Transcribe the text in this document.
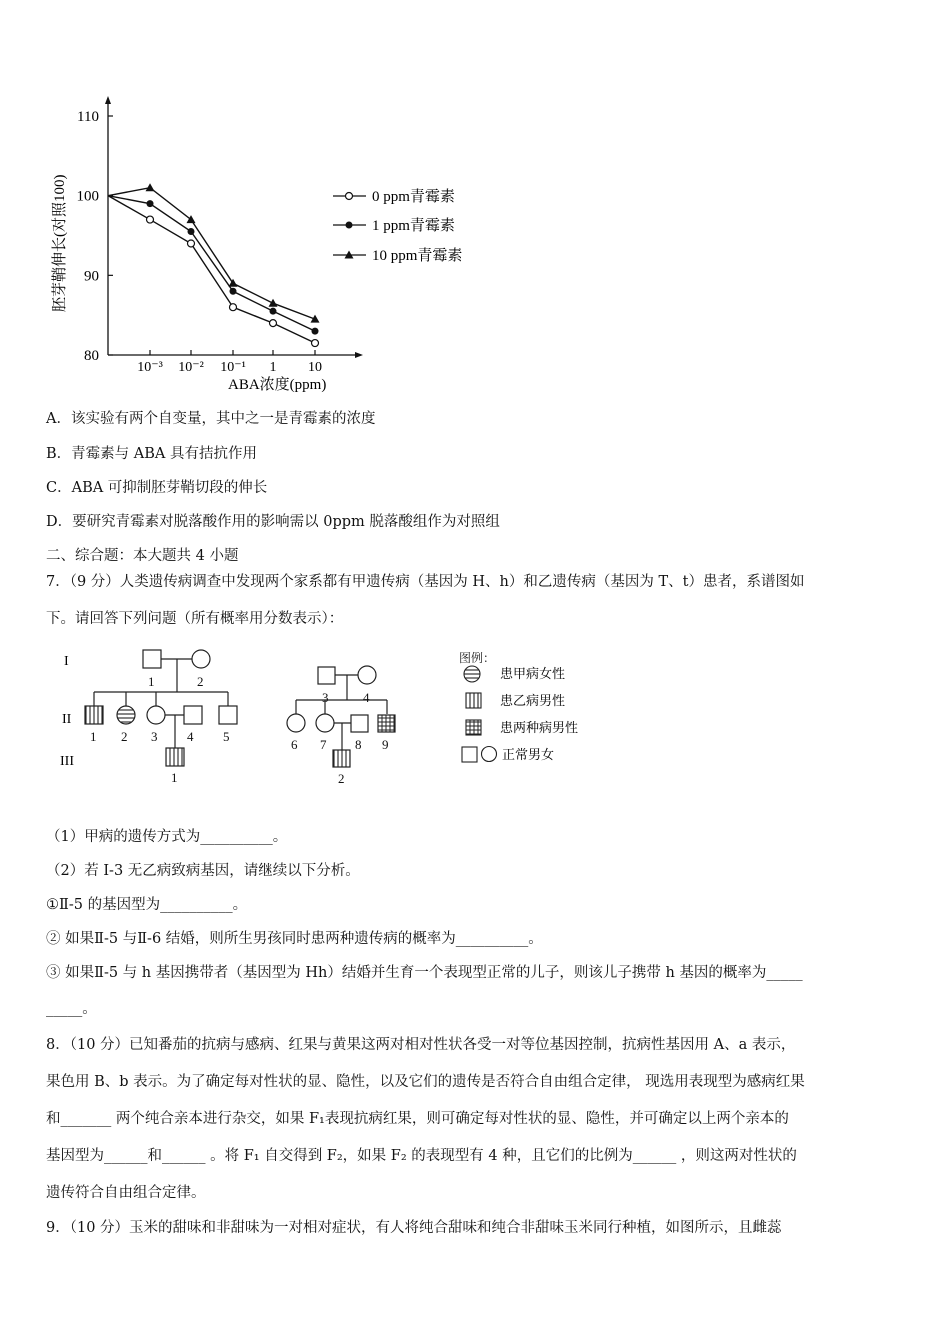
80
90
100
110
10⁻³ 10⁻² 10⁻¹ 1 10
胚芽鞘伸长(对照100)
ABA浓度(ppm)
0 ppm青霉素
1 ppm青霉素
10 ppm青霉素
A．该实验有两个自变量，其中之一是青霉素的浓度
B．青霉素与 ABA 具有拮抗作用
C．ABA 可抑制胚芽鞘切段的伸长
D．要研究青霉素对脱落酸作用的影响需以 0ppm 脱落酸组作为对照组
二、综合题：本大题共 4 小题
7．（9 分）人类遗传病调查中发现两个家系都有甲遗传病（基因为 H、h）和乙遗传病（基因为 T、t）患者，系谱图如
下。请回答下列问题（所有概率用分数表示）：
I
II
III
1	2
1 2 3 4 5
1
3	4
6 7 8 9
2
图例：
患甲病女性
患乙病男性
患两种病男性
正常男女
（1）甲病的遗传方式为__________。
（2）若 I-3 无乙病致病基因，请继续以下分析。
①Ⅱ-5 的基因型为__________。
② 如果Ⅱ-5 与Ⅱ-6 结婚，则所生男孩同时患两种遗传病的概率为__________。
③ 如果Ⅱ-5 与 h 基因携带者（基因型为 Hh）结婚并生育一个表现型正常的儿子，则该儿子携带 h 基因的概率为_____
_____。
8．（10 分）已知番茄的抗病与感病、红果与黄果这两对相对性状各受一对等位基因控制，抗病性基因用 A、a 表示，
果色用 B、b 表示。为了确定每对性状的显、隐性，以及它们的遗传是否符合自由组合定律， 现选用表现型为感病红果
和_______ 两个纯合亲本进行杂交，如果 F₁表现抗病红果，则可确定每对性状的显、隐性，并可确定以上两个亲本的
基因型为______和______ 。将 F₁ 自交得到 F₂，如果 F₂ 的表现型有 4 种，且它们的比例为______ ，则这两对性状的
遗传符合自由组合定律。
9．（10 分）玉米的甜味和非甜味为一对相对症状，有人将纯合甜味和纯合非甜味玉米同行种植，如图所示，且雌蕊
